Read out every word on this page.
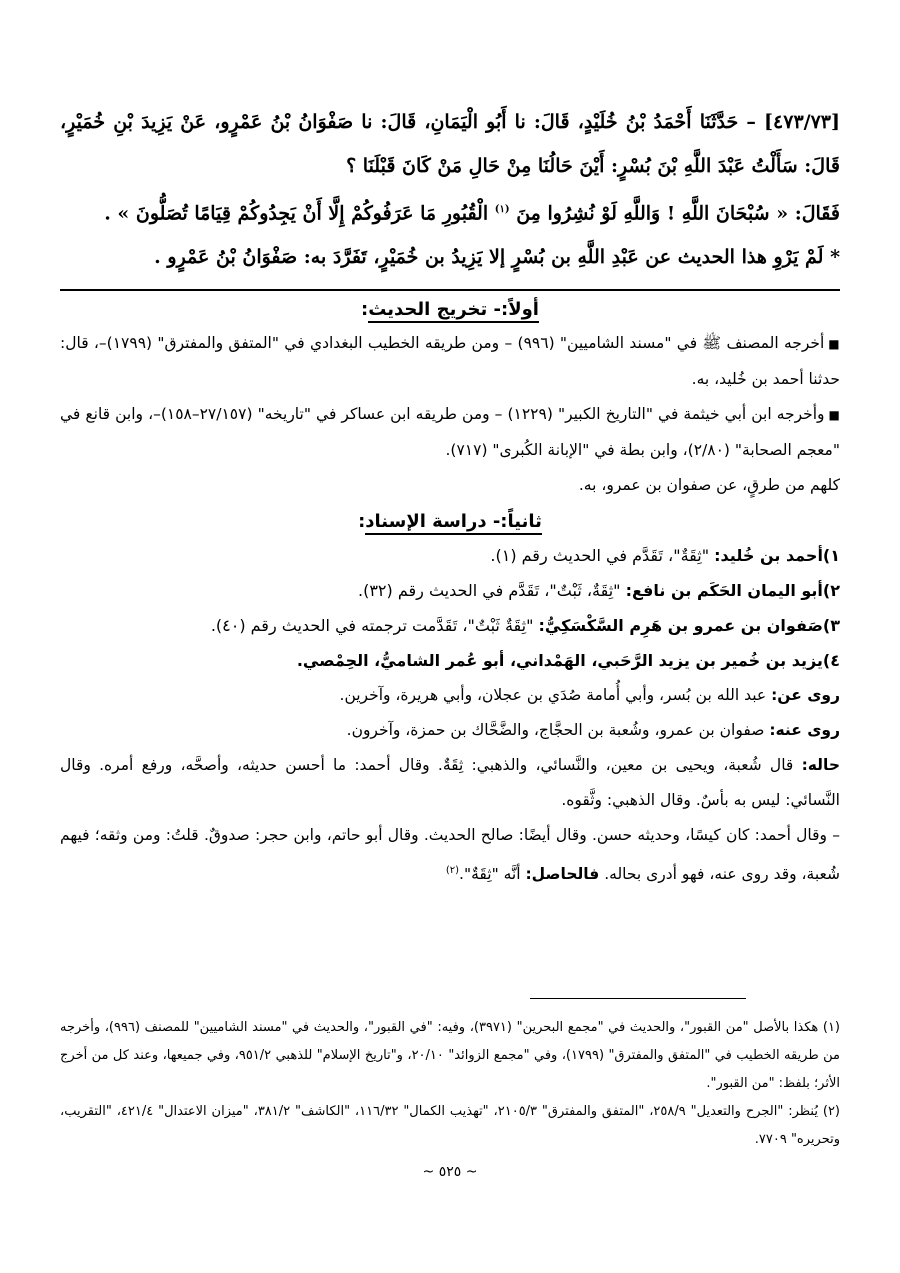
[٤٧٣/٧٣] – حَدَّثَنَا أَحْمَدُ بْنُ خُلَيْدٍ، قَالَ: نا أَبُو الْيَمَانِ، قَالَ: نا صَفْوَانُ بْنُ عَمْرٍو، عَنْ يَزِيدَ بْنِ خُمَيْرٍ، قَالَ: سَأَلْتُ عَبْدَ اللَّهِ بْنَ بُسْرٍ: أَيْنَ حَالُنَا مِنْ حَالِ مَنْ كَانَ قَبْلَنَا ؟

فَقَالَ: « سُبْحَانَ اللَّهِ ! وَاللَّهِ لَوْ نُشِرُوا مِنَ $^{(١)}$ الْقُبُورِ مَا عَرَفُوكُمْ إِلَّا أَنْ يَجِدُوكُمْ قِيَامًا تُصَلُّونَ » .

* لَمْ يَرْوِ هذا الحديث عن عَبْدِ اللَّهِ بن بُسْرٍ إلا يَزِيدُ بن خُمَيْرٍ، تَفَرَّدَ به: صَفْوَانُ بْنُ عَمْرٍو .

أولاً:- تخريج الحديث:

■أخرجه المصنف ﷺ في "مسند الشاميين" (٩٩٦) – ومن طريقه الخطيب البغدادي في "المتفق والمفترق" (١٧٩٩)–، قال: حدثنا أحمد بن خُليد، به.

■وأخرجه ابن أبي خيثمة في "التاريخ الكبير" (١٢٢٩) – ومن طريقه ابن عساكر في "تاريخه" (٢٧/١٥٧–١٥٨)–، وابن قانع في "معجم الصحابة" (٢/٨٠)، وابن بطة في "الإبانة الكُبرى" (٧١٧).

كلهم من طرقٍ، عن صفوان بن عمرو، به.

ثانياً:- دراسة الإسناد:

١)أحمد بن خُليد: "ثِقَةٌ"، تَقَدَّم في الحديث رقم (١).

٢)أبو اليمان الحَكَم بن نافع: "ثِقَةٌ، ثَبْتٌ"، تَقَدَّم في الحديث رقم (٣٢).

٣)صَفوان بن عمرو بن هَرِم السَّكْسَكِيُّ: "ثِقَةٌ ثَبْتٌ"، تَقَدَّمت ترجمته في الحديث رقم (٤٠).

٤)يزيد بن خُمير بن يزيد الرَّحَبي، الهَمْداني، أبو عُمر الشاميُّ، الحِمْصي.

روى عن: عبد الله بن بُسر، وأبي أُمامة صُدَي بن عجلان، وأبي هريرة، وآخرين.

روى عنه: صفوان بن عمرو، وشُعبة بن الحجَّاج، والضَّحَّاك بن حمزة، وآخرون.

حاله: قال شُعبة، ويحيى بن معين، والنَّسائي، والذهبي: ثِقَةٌ. وقال أحمد: ما أحسن حديثه، وأصحَّه، ورفع أمره. وقال النَّسائي: ليس به بأسٌ. وقال الذهبي: وثَّقوه.

– وقال أحمد: كان كيسًا، وحديثه حسن. وقال أيضًا: صالح الحديث. وقال أبو حاتم، وابن حجر: صدوقٌ. قلتُ: ومن وثقه؛ فيهم شُعبة، وقد روى عنه، فهو أدرى بحاله. فالحاصل: أنَّه "ثِقَةٌ".$^{(٢)}$

(١) هكذا بالأصل "من القبور"، والحديث في "مجمع البحرين" (٣٩٧١)، وفيه: "في القبور"، والحديث في "مسند الشاميين" للمصنف (٩٩٦)، وأخرجه من طريقه الخطيب في "المتفق والمفترق" (١٧٩٩)، وفي "مجمع الزوائد" ٢٠/١٠، و"تاريخ الإسلام" للذهبي ٩٥١/٢، وفي جميعها، وعند كل من أخرج الأثر؛ بلفظ: "من القبور".

(٢) يُنظر: "الجرح والتعديل" ٢٥٨/٩، "المتفق والمفترق" ٢١٠٥/٣، "تهذيب الكمال" ١١٦/٣٢، "الكاشف" ٣٨١/٢، "ميزان الاعتدال" ٤٢١/٤، "التقريب، وتحريره" ٧٧٠٩.

~ ٥٢٥ ~
